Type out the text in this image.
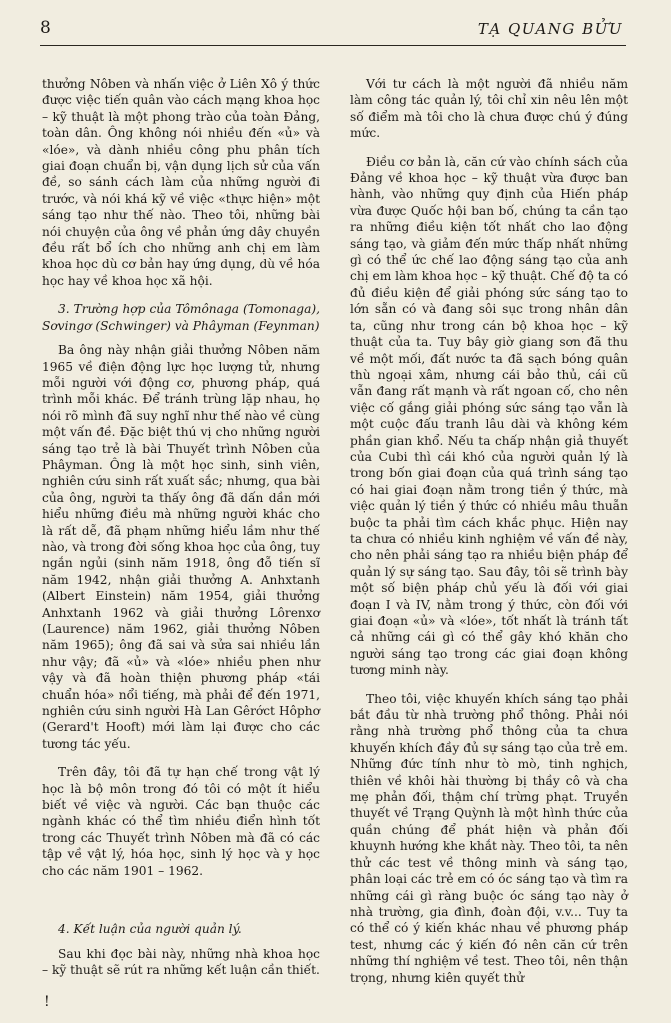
8	TẠ QUANG BỬU

thưởng Nôben và nhấn việc ở Liên Xô ý thức được việc tiến quân vào cách mạng khoa học – kỹ thuật là một phong trào của toàn Đảng, toàn dân. Ông không nói nhiều đến «ủ» và «lóe», và dành nhiều công phu phân tích giai đoạn chuẩn bị, vận dụng lịch sử của vấn đề, so sánh cách làm của những người đi trước, và nói khá kỹ về việc «thực hiện» một sáng tạo như thế nào. Theo tôi, những bài nói chuyện của ông về phản ứng dây chuyền đều rất bổ ích cho những anh chị em làm khoa học dù cơ bản hay ứng dụng, dù về hóa học hay về khoa học xã hội.

3. Trường hợp của Tômônaga (Tomonaga), Sơvingơ (Schwinger) và Phâyman (Feynman)

Ba ông này nhận giải thưởng Nôben năm 1965 về điện động lực học lượng tử, nhưng mỗi người với động cơ, phương pháp, quá trình mỗi khác. Để tránh trùng lặp nhau, họ nói rõ mình đã suy nghĩ như thế nào về cùng một vấn đề. Đặc biệt thú vị cho những người sáng tạo trẻ là bài Thuyết trình Nôben của Phâyman. Ông là một học sinh, sinh viên, nghiên cứu sinh rất xuất sắc; nhưng, qua bài của ông, người ta thấy ông đã dấn dần mới hiểu những điều mà những người khác cho là rất dễ, đã phạm những hiểu lầm như thế nào, và trong đời sống khoa học của ông, tuy ngắn ngủi (sinh năm 1918, ông đỗ tiến sĩ năm 1942, nhận giải thưởng A. Anhxtanh (Albert Einstein) năm 1954, giải thưởng Anhxtanh 1962 và giải thưởng Lôrenxơ (Laurence) năm 1962, giải thưởng Nôben năm 1965); ông đã sai và sửa sai nhiều lần như vậy; đã «ủ» và «lóe» nhiều phen như vậy và đã hoàn thiện phương pháp «tái chuẩn hóa» nổi tiếng, mà phải để đến 1971, nghiên cứu sinh người Hà Lan Gêrớct Hôphơ (Gerard't Hooft) mới làm lại được cho các tương tác yếu.

Trên đây, tôi đã tự hạn chế trong vật lý học là bộ môn trong đó tôi có một ít hiểu biết về việc và người. Các bạn thuộc các ngành khác có thể tìm nhiều điển hình tốt trong các Thuyết trình Nôben mà đã có các tập về vật lý, hóa học, sinh lý học và y học cho các năm 1901 – 1962.

4. Kết luận của người quản lý.

Sau khi đọc bài này, những nhà khoa học – kỹ thuật sẽ rút ra những kết luận cần thiết.

Với tư cách là một người đã nhiều năm làm công tác quản lý, tôi chỉ xin nêu lên một số điểm mà tôi cho là chưa được chú ý đúng mức.

Điều cơ bản là, căn cứ vào chính sách của Đảng về khoa học – kỹ thuật vừa được ban hành, vào những quy định của Hiến pháp vừa được Quốc hội ban bố, chúng ta cần tạo ra những điều kiện tốt nhất cho lao động sáng tạo, và giảm đến mức thấp nhất những gì có thể ức chế lao động sáng tạo của anh chị em làm khoa học – kỹ thuật. Chế độ ta có đủ điều kiện để giải phóng sức sáng tạo to lớn sẵn có và đang sôi sục trong nhân dân ta, cũng như trong cán bộ khoa học – kỹ thuật của ta. Tuy bây giờ giang sơn đã thu về một mối, đất nước ta đã sạch bóng quân thù ngoại xâm, nhưng cái bảo thủ, cái cũ vẫn đang rất mạnh và rất ngoan cố, cho nên việc cố gắng giải phóng sức sáng tạo vẫn là một cuộc đấu tranh lâu dài và không kém phần gian khổ. Nếu ta chấp nhận giả thuyết của Cubi thì cái khó của người quản lý là trong bốn giai đoạn của quá trình sáng tạo có hai giai đoạn nằm trong tiền ý thức, mà việc quản lý tiền ý thức có nhiều mâu thuẫn buộc ta phải tìm cách khắc phục. Hiện nay ta chưa có nhiều kinh nghiệm về vấn đề này, cho nên phải sáng tạo ra nhiều biện pháp để quản lý sự sáng tạo. Sau đây, tôi sẽ trình bày một số biện pháp chủ yếu là đối với giai đoạn I và IV, nằm trong ý thức, còn đối với giai đoạn «ủ» và «lóe», tốt nhất là tránh tất cả những cái gì có thể gây khó khăn cho người sáng tạo trong các giai đoạn không tương minh này.

Theo tôi, việc khuyến khích sáng tạo phải bắt đầu từ nhà trường phổ thông. Phải nói rằng nhà trường phổ thông của ta chưa khuyến khích đầy đủ sự sáng tạo của trẻ em. Những đức tính như tò mò, tinh nghịch, thiên về khôi hài thường bị thầy cô và cha mẹ phản đối, thậm chí trừng phạt. Truyền thuyết về Trạng Quỳnh là một hình thức của quần chúng để phát hiện và phản đối khuynh hướng khe khắt này. Theo tôi, ta nên thử các test về thông minh và sáng tạo, phân loại các trẻ em có óc sáng tạo và tìm ra những cái gì ràng buộc óc sáng tạo này ở nhà trường, gia đình, đoàn đội, v.v... Tuy ta có thể có ý kiến khác nhau về phương pháp test, nhưng các ý kiến đó nên căn cứ trên những thí nghiệm về test. Theo tôi, nên thận trọng, nhưng kiên quyết thử

!
